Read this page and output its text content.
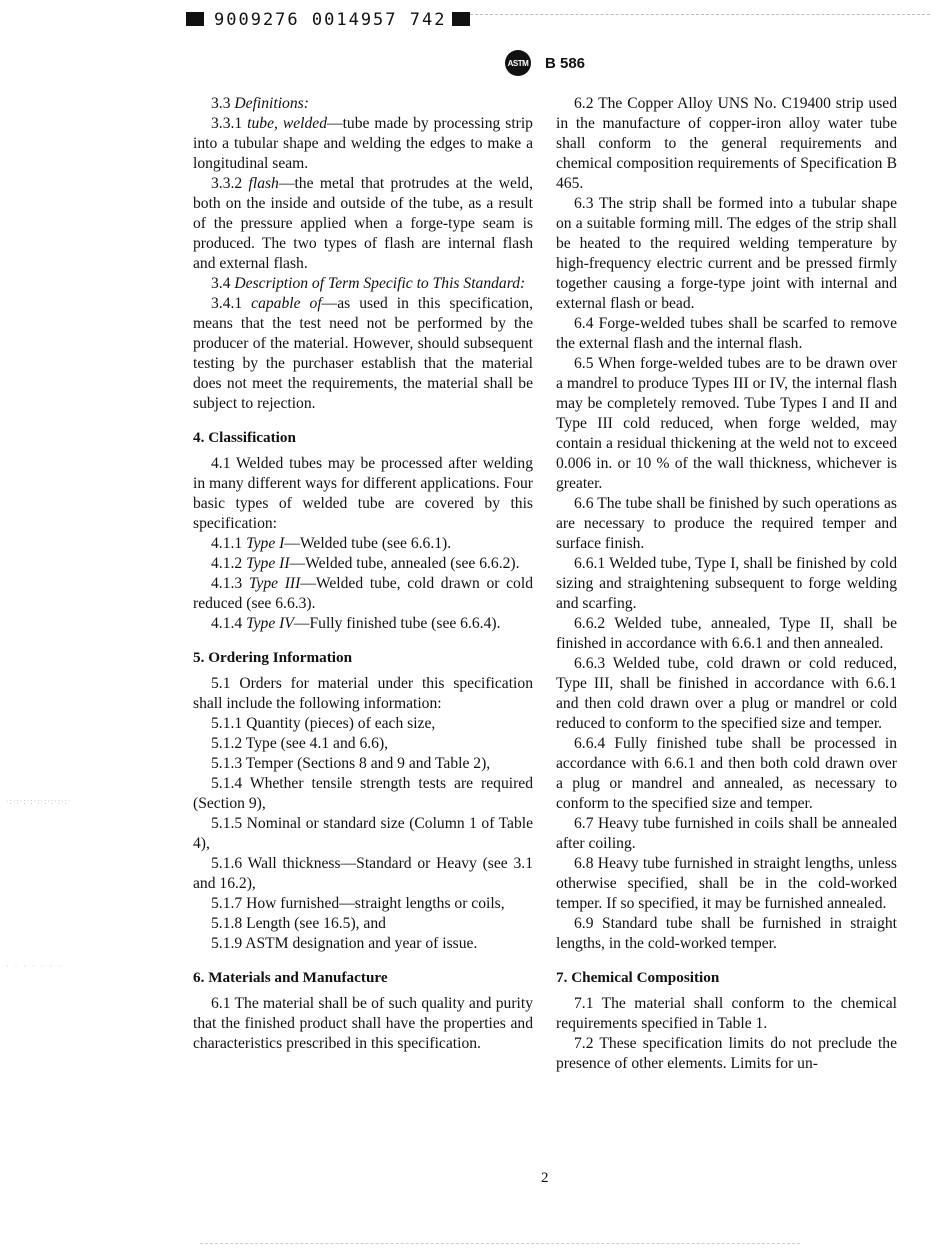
9009276 0014957 742
ASTM B 586

3.3 Definitions:

3.3.1 tube, welded—tube made by processing strip into a tubular shape and welding the edges to make a longitudinal seam.

3.3.2 flash—the metal that protrudes at the weld, both on the inside and outside of the tube, as a result of the pressure applied when a forge-type seam is produced. The two types of flash are internal flash and external flash.

3.4 Description of Term Specific to This Standard:

3.4.1 capable of—as used in this specification, means that the test need not be performed by the producer of the material. However, should subsequent testing by the purchaser establish that the material does not meet the requirements, the material shall be subject to rejection.

4. Classification

4.1 Welded tubes may be processed after welding in many different ways for different applications. Four basic types of welded tube are covered by this specification:

4.1.1 Type I—Welded tube (see 6.6.1).

4.1.2 Type II—Welded tube, annealed (see 6.6.2).

4.1.3 Type III—Welded tube, cold drawn or cold reduced (see 6.6.3).

4.1.4 Type IV—Fully finished tube (see 6.6.4).

5. Ordering Information

5.1 Orders for material under this specification shall include the following information:

5.1.1 Quantity (pieces) of each size,

5.1.2 Type (see 4.1 and 6.6),

5.1.3 Temper (Sections 8 and 9 and Table 2),

5.1.4 Whether tensile strength tests are required (Section 9),

5.1.5 Nominal or standard size (Column 1 of Table 4),

5.1.6 Wall thickness—Standard or Heavy (see 3.1 and 16.2),

5.1.7 How furnished—straight lengths or coils,

5.1.8 Length (see 16.5), and

5.1.9 ASTM designation and year of issue.

6. Materials and Manufacture

6.1 The material shall be of such quality and purity that the finished product shall have the properties and characteristics prescribed in this specification.

6.2 The Copper Alloy UNS No. C19400 strip used in the manufacture of copper-iron alloy water tube shall conform to the general requirements and chemical composition requirements of Specification B 465.

6.3 The strip shall be formed into a tubular shape on a suitable forming mill. The edges of the strip shall be heated to the required welding temperature by high-frequency electric current and be pressed firmly together causing a forge-type joint with internal and external flash or bead.

6.4 Forge-welded tubes shall be scarfed to remove the external flash and the internal flash.

6.5 When forge-welded tubes are to be drawn over a mandrel to produce Types III or IV, the internal flash may be completely removed. Tube Types I and II and Type III cold reduced, when forge welded, may contain a residual thickening at the weld not to exceed 0.006 in. or 10 % of the wall thickness, whichever is greater.

6.6 The tube shall be finished by such operations as are necessary to produce the required temper and surface finish.

6.6.1 Welded tube, Type I, shall be finished by cold sizing and straightening subsequent to forge welding and scarfing.

6.6.2 Welded tube, annealed, Type II, shall be finished in accordance with 6.6.1 and then annealed.

6.6.3 Welded tube, cold drawn or cold reduced, Type III, shall be finished in accordance with 6.6.1 and then cold drawn over a plug or mandrel or cold reduced to conform to the specified size and temper.

6.6.4 Fully finished tube shall be processed in accordance with 6.6.1 and then both cold drawn over a plug or mandrel and annealed, as necessary to conform to the specified size and temper.

6.7 Heavy tube furnished in coils shall be annealed after coiling.

6.8 Heavy tube furnished in straight lengths, unless otherwise specified, shall be in the cold-worked temper. If so specified, it may be furnished annealed.

6.9 Standard tube shall be furnished in straight lengths, in the cold-worked temper.

7. Chemical Composition

7.1 The material shall conform to the chemical requirements specified in Table 1.

7.2 These specification limits do not preclude the presence of other elements. Limits for un-

2
·:·:·:·:·:·:·:·:·:·
· · · · · · ·
